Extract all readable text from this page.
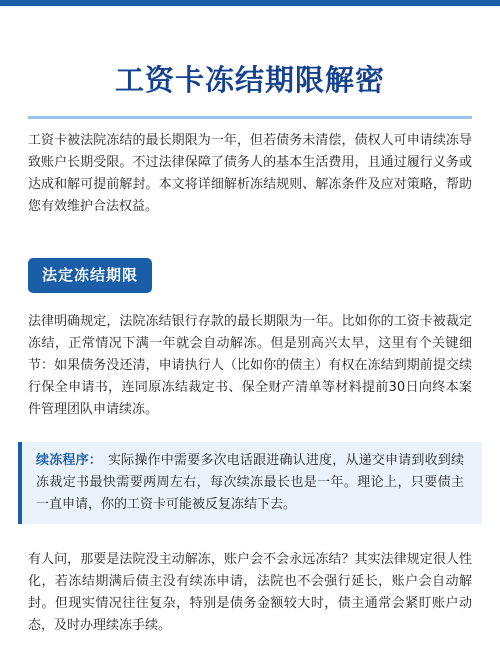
工资卡冻结期限解密

工资卡被法院冻结的最长期限为一年，但若债务未清偿，债权人可申请续冻导致账户长期受限。不过法律保障了债务人的基本生活费用，且通过履行义务或达成和解可提前解封。本文将详细解析冻结规则、解冻条件及应对策略，帮助您有效维护合法权益。

法定冻结期限

法律明确规定，法院冻结银行存款的最长期限为一年。比如你的工资卡被裁定冻结，正常情况下满一年就会自动解冻。但是别高兴太早，这里有个关键细节：如果债务没还清，申请执行人（比如你的债主）有权在冻结到期前提交续行保全申请书，连同原冻结裁定书、保全财产清单等材料提前30日向终本案件管理团队申请续冻。

续冻程序： 实际操作中需要多次电话跟进确认进度，从递交申请到收到续冻裁定书最快需要两周左右，每次续冻最长也是一年。理论上，只要债主一直申请，你的工资卡可能被反复冻结下去。

有人问，那要是法院没主动解冻，账户会不会永远冻结？其实法律规定很人性化，若冻结期满后债主没有续冻申请，法院也不会强行延长，账户会自动解封。但现实情况往往复杂，特别是债务金额较大时，债主通常会紧盯账户动态，及时办理续冻手续。
